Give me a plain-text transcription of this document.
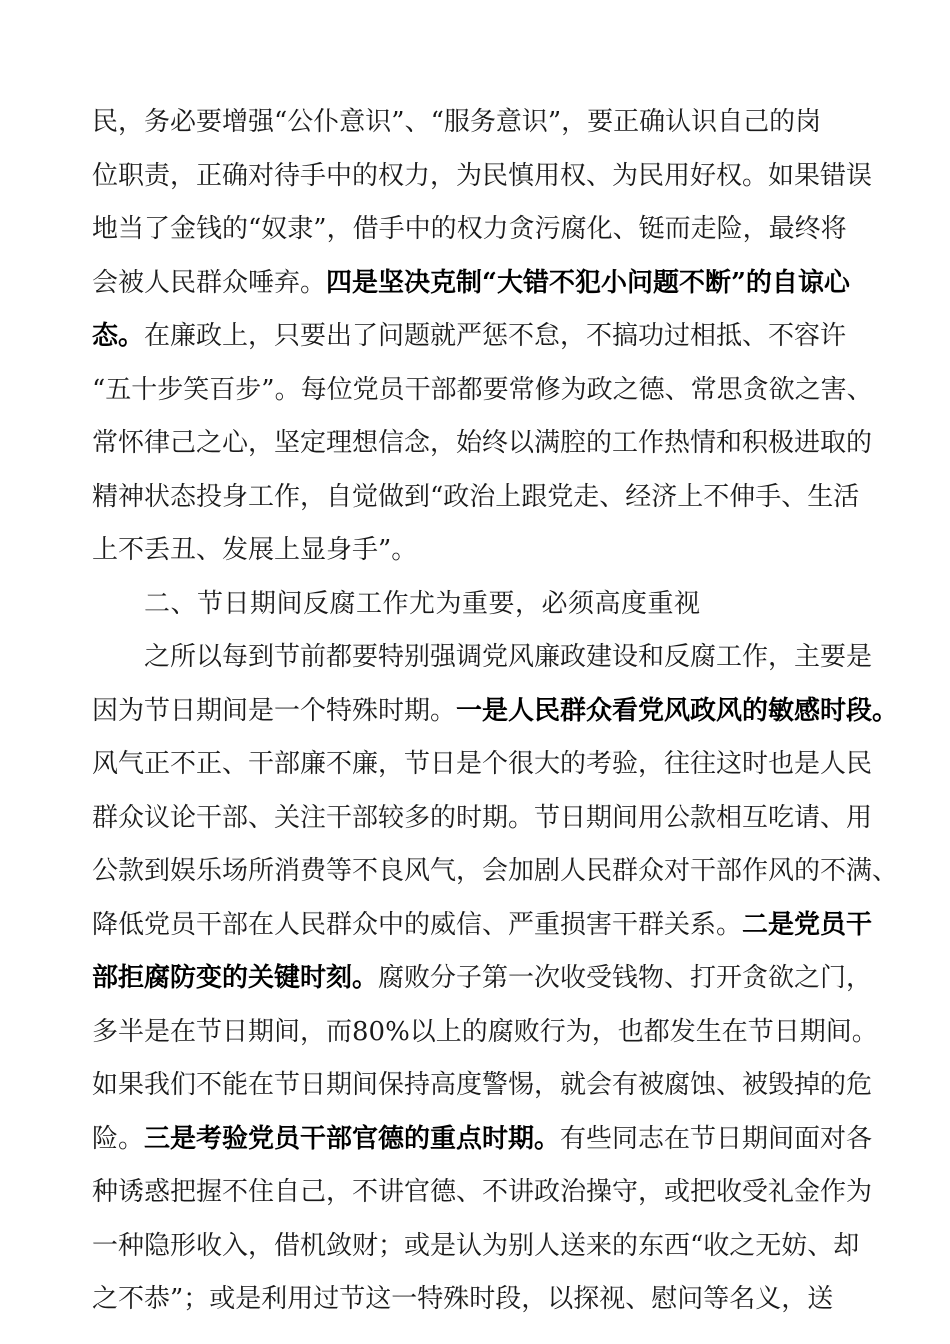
民，务必要增强“公仆意识”、“服务意识”，要正确认识自己的岗
位职责，正确对待手中的权力，为民慎用权、为民用好权。如果错误
地当了金钱的“奴隶”，借手中的权力贪污腐化、铤而走险，最终将
会被人民群众唾弃。四是坚决克制“大错不犯小问题不断”的自谅心
态。在廉政上，只要出了问题就严惩不怠，不搞功过相抵、不容许
“五十步笑百步”。每位党员干部都要常修为政之德、常思贪欲之害、
常怀律己之心，坚定理想信念，始终以满腔的工作热情和积极进取的
精神状态投身工作，自觉做到“政治上跟党走、经济上不伸手、生活
上不丢丑、发展上显身手”。
二、节日期间反腐工作尤为重要，必须高度重视
之所以每到节前都要特别强调党风廉政建设和反腐工作，主要是
因为节日期间是一个特殊时期。一是人民群众看党风政风的敏感时段。
风气正不正、干部廉不廉，节日是个很大的考验，往往这时也是人民
群众议论干部、关注干部较多的时期。节日期间用公款相互吃请、用
公款到娱乐场所消费等不良风气，会加剧人民群众对干部作风的不满、
降低党员干部在人民群众中的威信、严重损害干群关系。二是党员干
部拒腐防变的关键时刻。腐败分子第一次收受钱物、打开贪欲之门，
多半是在节日期间，而80%以上的腐败行为，也都发生在节日期间。
如果我们不能在节日期间保持高度警惕，就会有被腐蚀、被毁掉的危
险。三是考验党员干部官德的重点时期。有些同志在节日期间面对各
种诱惑把握不住自己，不讲官德、不讲政治操守，或把收受礼金作为
一种隐形收入，借机敛财；或是认为别人送来的东西“收之无妨、却
之不恭”；或是利用过节这一特殊时段，以探视、慰问等名义，送
